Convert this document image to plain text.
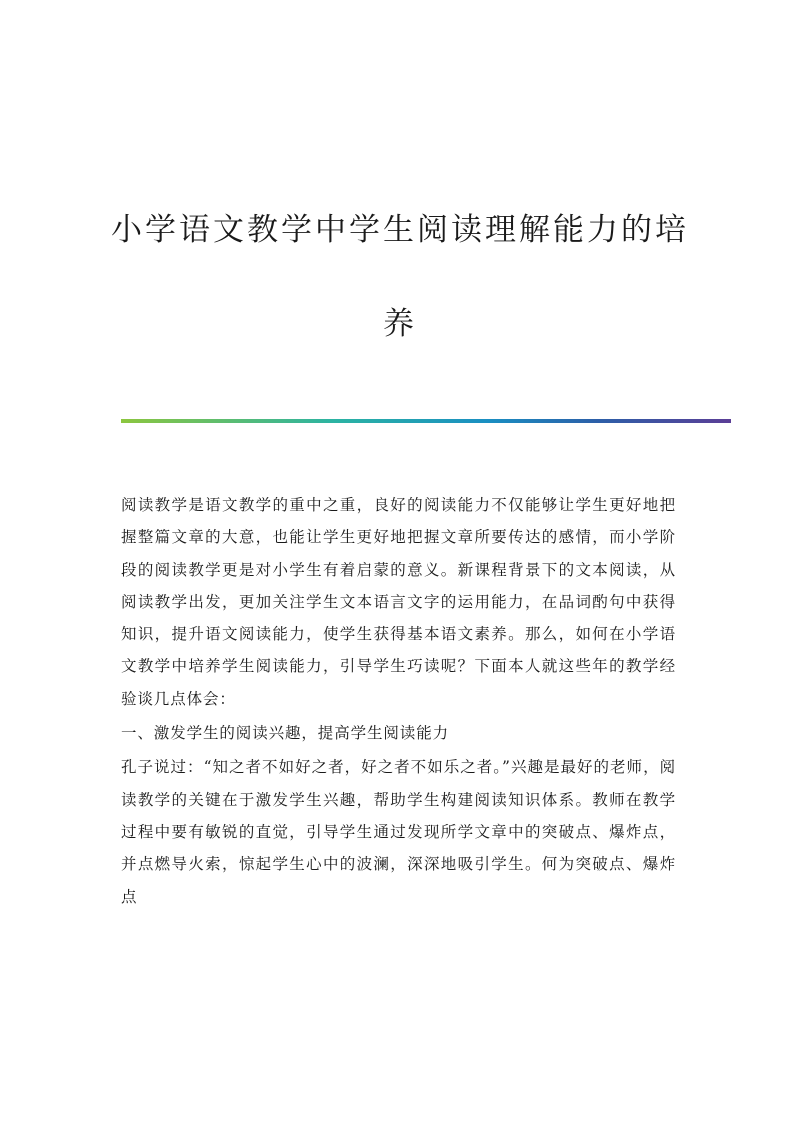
小学语文教学中学生阅读理解能力的培养

阅读教学是语文教学的重中之重，良好的阅读能力不仅能够让学生更好地把握整篇文章的大意，也能让学生更好地把握文章所要传达的感情，而小学阶段的阅读教学更是对小学生有着启蒙的意义。新课程背景下的文本阅读，从阅读教学出发，更加关注学生文本语言文字的运用能力，在品词酌句中获得知识，提升语文阅读能力，使学生获得基本语文素养。那么，如何在小学语文教学中培养学生阅读能力，引导学生巧读呢？下面本人就这些年的教学经验谈几点体会：

一、激发学生的阅读兴趣，提高学生阅读能力

孔子说过：“知之者不如好之者，好之者不如乐之者。”兴趣是最好的老师，阅读教学的关键在于激发学生兴趣，帮助学生构建阅读知识体系。教师在教学过程中要有敏锐的直觉，引导学生通过发现所学文章中的突破点、爆炸点，并点燃导火索，惊起学生心中的波澜，深深地吸引学生。何为突破点、爆炸点
